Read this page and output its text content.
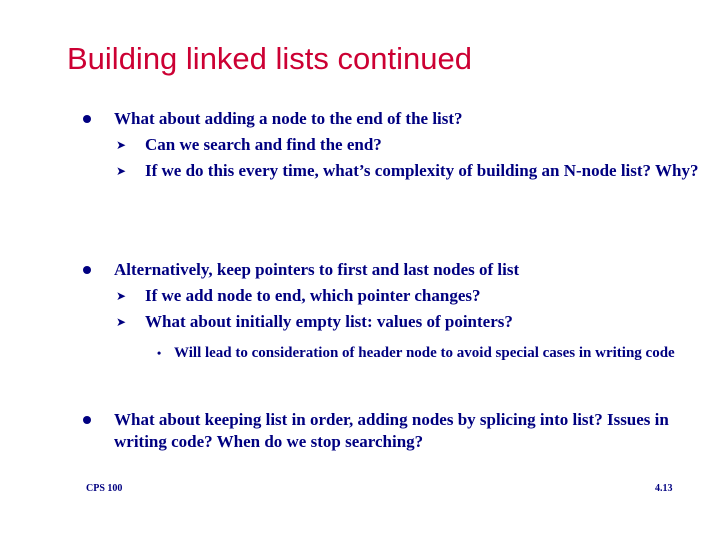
Building linked lists continued
What about adding a node to the end of the list?
➤ Can we search and find the end?
➤ If we do this every time, what’s complexity of building an N-node list? Why?
Alternatively, keep pointers to first and last nodes of list
➤ If we add node to end, which pointer changes?
➤ What about initially empty list: values of pointers?
• Will lead to consideration of header node to avoid special cases in writing code
What about keeping list in order, adding nodes by splicing into list? Issues in writing code? When do we stop searching?
CPS 100	4.13
